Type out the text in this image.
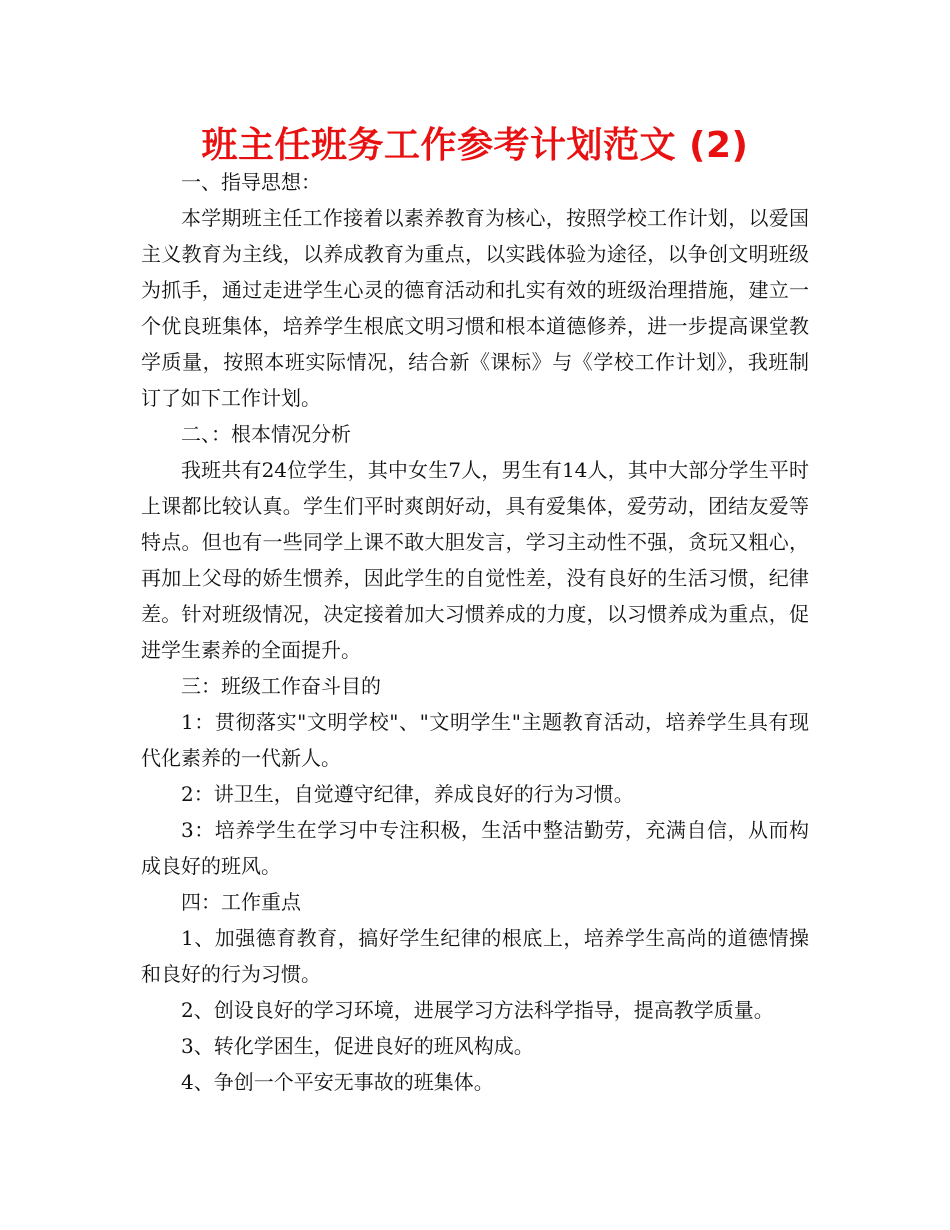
班主任班务工作参考计划范文 (2)

一、指导思想：

本学期班主任工作接着以素养教育为核心，按照学校工作计划，以爱国主义教育为主线，以养成教育为重点，以实践体验为途径，以争创文明班级为抓手，通过走进学生心灵的德育活动和扎实有效的班级治理措施，建立一个优良班集体，培养学生根底文明习惯和根本道德修养，进一步提高课堂教学质量，按照本班实际情况，结合新《课标》与《学校工作计划》，我班制订了如下工作计划。

二、：根本情况分析

我班共有24位学生，其中女生7人，男生有14人，其中大部分学生平时上课都比较认真。学生们平时爽朗好动，具有爱集体，爱劳动，团结友爱等特点。但也有一些同学上课不敢大胆发言，学习主动性不强，贪玩又粗心，再加上父母的娇生惯养，因此学生的自觉性差，没有良好的生活习惯，纪律差。针对班级情况，决定接着加大习惯养成的力度，以习惯养成为重点，促进学生素养的全面提升。

三：班级工作奋斗目的

1：贯彻落实"文明学校"、"文明学生"主题教育活动，培养学生具有现代化素养的一代新人。

2：讲卫生，自觉遵守纪律，养成良好的行为习惯。

3：培养学生在学习中专注积极，生活中整洁勤劳，充满自信，从而构成良好的班风。

四：工作重点

1、加强德育教育，搞好学生纪律的根底上，培养学生高尚的道德情操和良好的行为习惯。

2、创设良好的学习环境，进展学习方法科学指导，提高教学质量。

3、转化学困生，促进良好的班风构成。

4、争创一个平安无事故的班集体。
